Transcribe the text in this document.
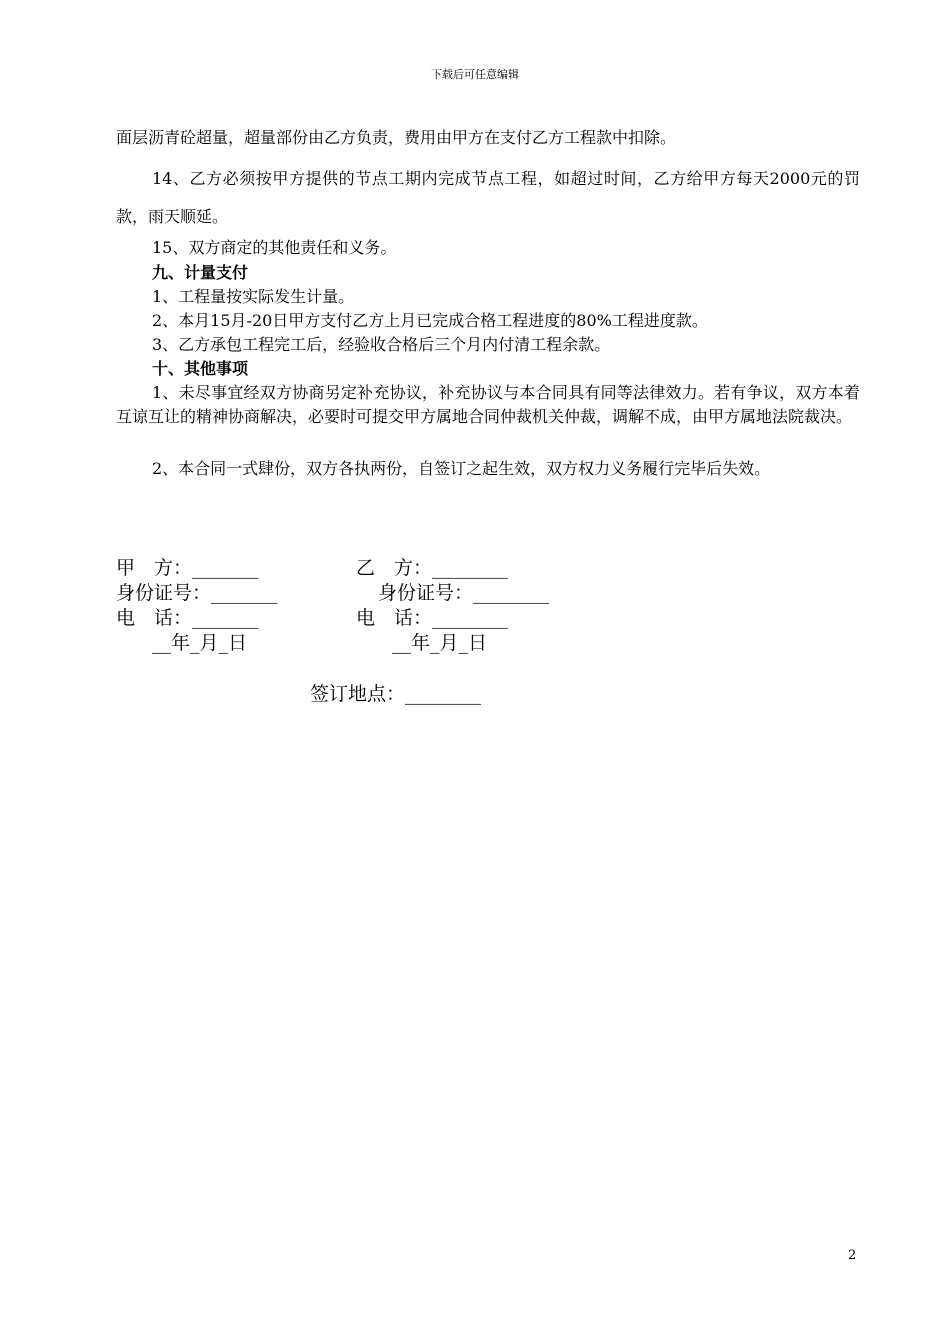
下载后可任意编辑

面层沥青砼超量，超量部份由乙方负责，费用由甲方在支付乙方工程款中扣除。

14、乙方必须按甲方提供的节点工期内完成节点工程，如超过时间，乙方给甲方每天2000元的罚款，雨天顺延。

15、双方商定的其他责任和义务。

九、计量支付

1、工程量按实际发生计量。

2、本月15月-20日甲方支付乙方上月已完成合格工程进度的80%工程进度款。

3、乙方承包工程完工后，经验收合格后三个月内付清工程余款。

十、其他事项

1、未尽事宜经双方协商另定补充协议，补充协议与本合同具有同等法律效力。若有争议，双方本着互谅互让的精神协商解决，必要时可提交甲方属地合同仲裁机关仲裁，调解不成，由甲方属地法院裁决。

2、本合同一式肆份，双方各执两份，自签订之起生效，双方权力义务履行完毕后失效。

甲　方：_______	乙　方：________
身份证号：_______	身份证号：________
电　话：_______	电　话：________
__年_月_日	__年_月_日
签订地点：________
2
